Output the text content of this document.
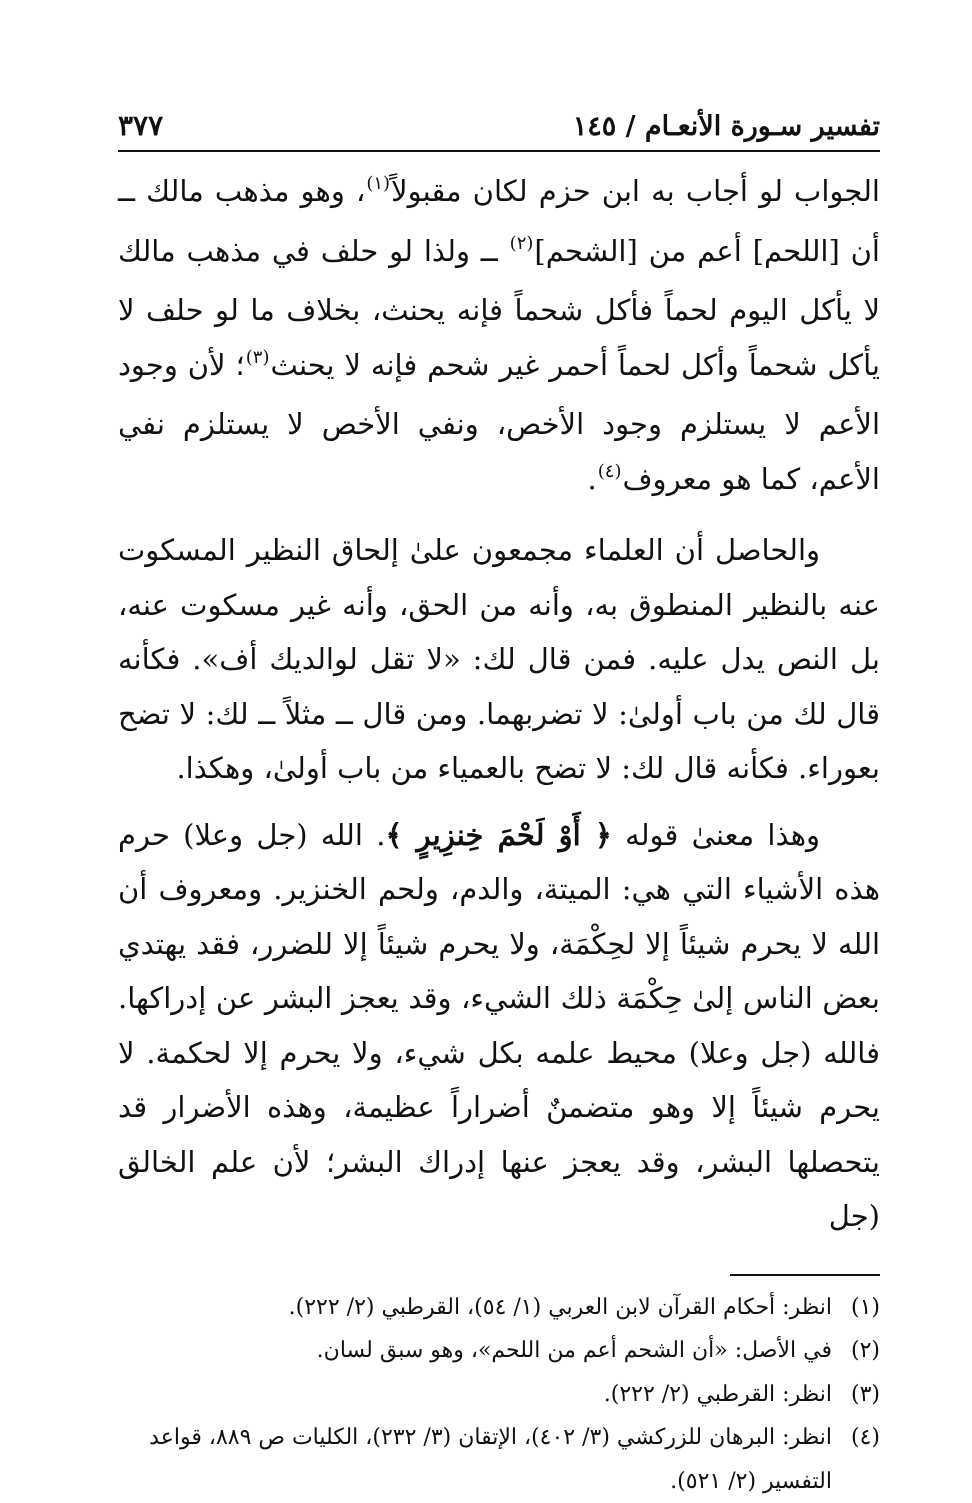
تفسير سـورة الأنعـام / ١٤٥
٣٧٧

الجواب لو أجاب به ابن حزم لكان مقبولاً$^{(١)}$، وهو مذهب مالك ــ أن [اللحم] أعم من [الشحم]$^{(٢)}$ ــ ولذا لو حلف في مذهب مالك لا يأكل اليوم لحماً فأكل شحماً فإنه يحنث، بخلاف ما لو حلف لا يأكل شحماً وأكل لحماً أحمر غير شحم فإنه لا يحنث$^{(٣)}$؛ لأن وجود الأعم لا يستلزم وجود الأخص، ونفي الأخص لا يستلزم نفي الأعم، كما هو معروف$^{(٤)}$.

والحاصل أن العلماء مجمعون علىٰ إلحاق النظير المسكوت عنه بالنظير المنطوق به، وأنه من الحق، وأنه غير مسكوت عنه، بل النص يدل عليه. فمن قال لك: «لا تقل لوالديك أف». فكأنه قال لك من باب أولىٰ: لا تضربهما. ومن قال ــ مثلاً ــ لك: لا تضح بعوراء. فكأنه قال لك: لا تضح بالعمياء من باب أولىٰ، وهكذا.

وهذا معنىٰ قوله ﴿ أَوْ لَحْمَ خِنزِيرٍ ﴾. الله (جل وعلا) حرم هذه الأشياء التي هي: الميتة، والدم، ولحم الخنزير. ومعروف أن الله لا يحرم شيئاً إلا لحِكْمَة، ولا يحرم شيئاً إلا للضرر، فقد يهتدي بعض الناس إلىٰ حِكْمَة ذلك الشيء، وقد يعجز البشر عن إدراكها. فالله (جل وعلا) محيط علمه بكل شيء، ولا يحرم إلا لحكمة. لا يحرم شيئاً إلا وهو متضمنٌ أضراراً عظيمة، وهذه الأضرار قد يتحصلها البشر، وقد يعجز عنها إدراك البشر؛ لأن علم الخالق (جل

(١)
انظر: أحكام القرآن لابن العربي (١/ ٥٤)، القرطبي (٢/ ٢٢٢).
(٢)
في الأصل: «أن الشحم أعم من اللحم»، وهو سبق لسان.
(٣)
انظر: القرطبي (٢/ ٢٢٢).
(٤)
انظر: البرهان للزركشي (٣/ ٤٠٢)، الإتقان (٣/ ٢٣٢)، الكليات ص ٨٨٩، قواعد التفسير (٢/ ٥٢١).
